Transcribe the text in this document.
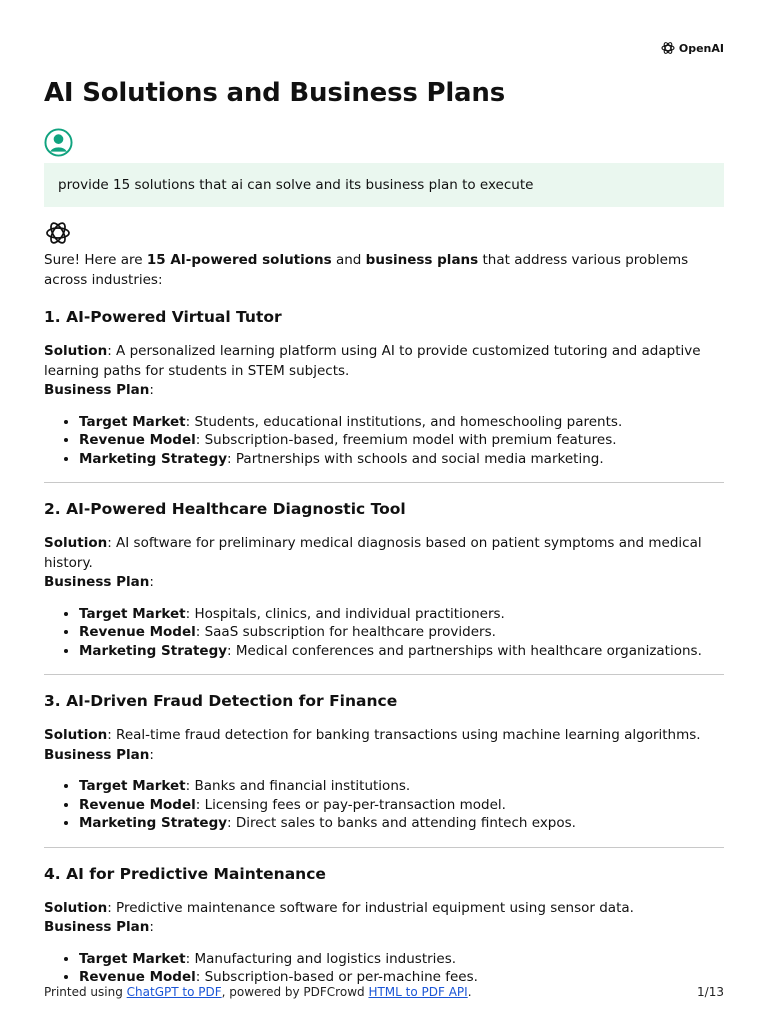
OpenAI
AI Solutions and Business Plans
provide 15 solutions that ai can solve and its business plan to execute

Sure! Here are 15 AI-powered solutions and business plans that address various problems across industries:

1. AI-Powered Virtual Tutor

Solution: A personalized learning platform using AI to provide customized tutoring and adaptive learning paths for students in STEM subjects.

Business Plan:

• Target Market: Students, educational institutions, and homeschooling parents.
• Revenue Model: Subscription-based, freemium model with premium features.
• Marketing Strategy: Partnerships with schools and social media marketing.
2. AI-Powered Healthcare Diagnostic Tool

Solution: AI software for preliminary medical diagnosis based on patient symptoms and medical history.

Business Plan:

• Target Market: Hospitals, clinics, and individual practitioners.
• Revenue Model: SaaS subscription for healthcare providers.
• Marketing Strategy: Medical conferences and partnerships with healthcare organizations.
3. AI-Driven Fraud Detection for Finance

Solution: Real-time fraud detection for banking transactions using machine learning algorithms.

Business Plan:

• Target Market: Banks and financial institutions.
• Revenue Model: Licensing fees or pay-per-transaction model.
• Marketing Strategy: Direct sales to banks and attending fintech expos.
4. AI for Predictive Maintenance

Solution: Predictive maintenance software for industrial equipment using sensor data.

Business Plan:

• Target Market: Manufacturing and logistics industries.
• Revenue Model: Subscription-based or per-machine fees.
Printed using ChatGPT to PDF, powered by PDFCrowd HTML to PDF API.	1/13
